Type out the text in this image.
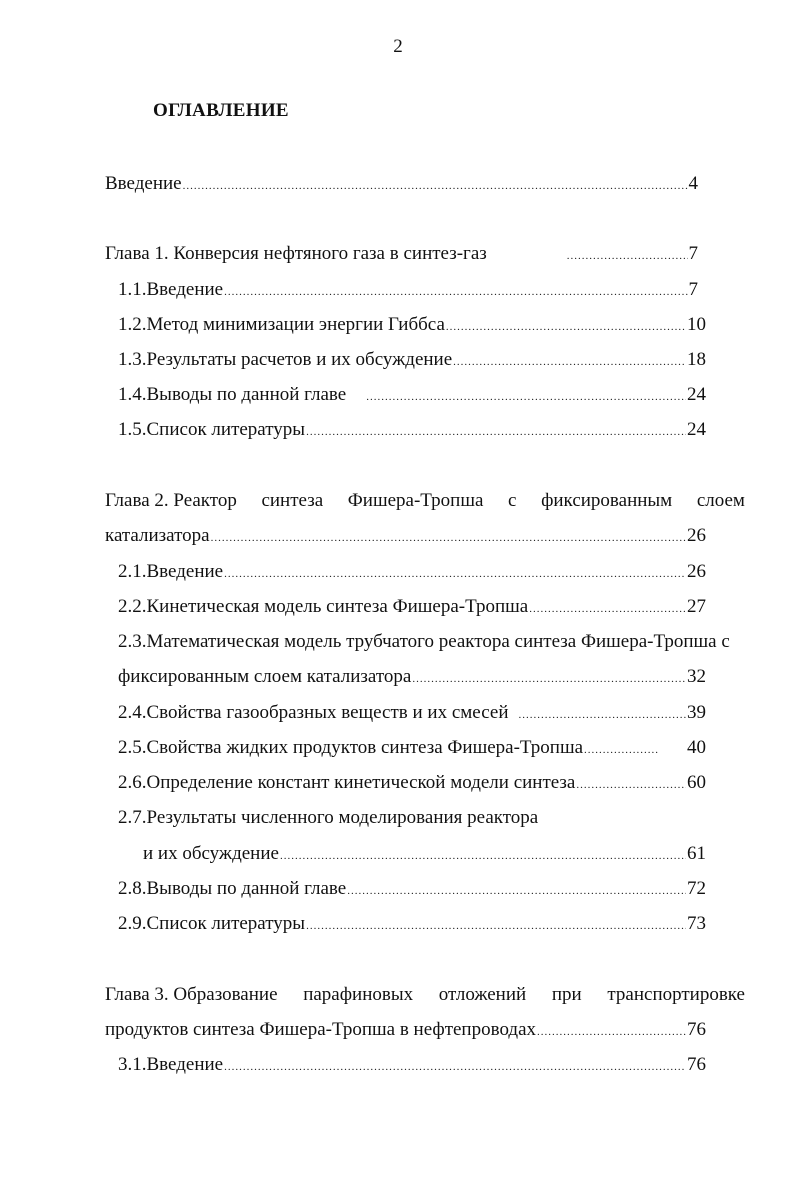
2
ОГЛАВЛЕНИЕ
Введение .....	4
Глава 1. Конверсия нефтяного газа в синтез-газ .....	7
1.1.Введение .....	7
1.2.Метод минимизации энергии Гиббса .....	10
1.3.Результаты расчетов и их обсуждение .....	18
1.4.Выводы по данной главе .....	24
1.5.Список литературы .....	24
Глава 2. Реактор синтеза Фишера-Тропша с фиксированным слоем
катализатора .....	26
2.1.Введение .....	26
2.2.Кинетическая модель синтеза Фишера-Тропша .....	27
2.3.Математическая модель трубчатого реактора синтеза Фишера-Тропша с
фиксированным слоем катализатора .....	32
2.4.Свойства газообразных веществ и их смесей .....	39
2.5.Свойства жидких продуктов синтеза Фишера-Тропша .....	40
2.6.Определение констант кинетической модели синтеза .....	60
2.7.Результаты численного моделирования реактора
и их обсуждение .....	61
2.8.Выводы по данной главе .....	72
2.9.Список литературы .....	73
Глава 3. Образование парафиновых отложений при транспортировке
продуктов синтеза Фишера-Тропша в нефтепроводах .....	76
3.1.Введение .....	76
